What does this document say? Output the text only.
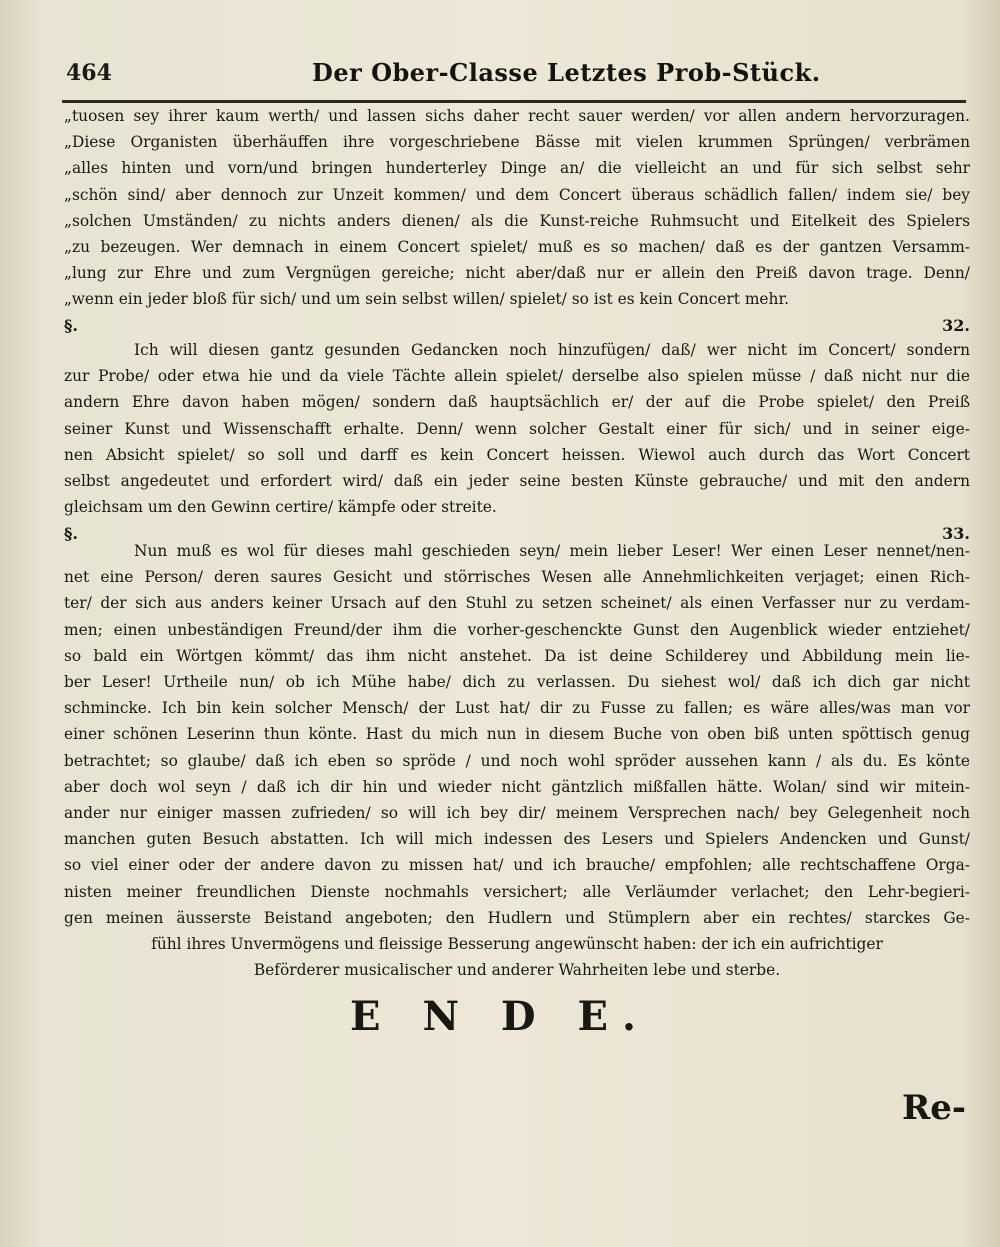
464	Der Ober-Classe Letztes Prob-Stück.
„tuosen sey ihrer kaum werth/ und lassen sichs daher recht sauer werden/ vor allen andern hervorzuragen.
„Diese Organisten überhäuffen ihre vorgeschriebene Bässe mit vielen krummen Sprüngen/ verbrämen
„alles hinten und vorn/und bringen hunderterley Dinge an/ die vielleicht an und für sich selbst sehr
„schön sind/ aber dennoch zur Unzeit kommen/ und dem Concert überaus schädlich fallen/ indem sie/ bey
„solchen Umständen/ zu nichts anders dienen/ als die Kunst-reiche Ruhmsucht und Eitelkeit des Spielers
„zu bezeugen. Wer demnach in einem Concert spielet/ muß es so machen/ daß es der gantzen Versamm-
„lung zur Ehre und zum Vergnügen gereiche; nicht aber/daß nur er allein den Preiß davon trage. Denn/
„wenn ein jeder bloß für sich/ und um sein selbst willen/ spielet/ so ist es kein Concert mehr.
§. 32.
Ich will diesen gantz gesunden Gedancken noch hinzufügen/ daß/ wer nicht im Concert/ sondern
zur Probe/ oder etwa hie und da viele Tächte allein spielet/ derselbe also spielen müsse / daß nicht nur die
andern Ehre davon haben mögen/ sondern daß hauptsächlich er/ der auf die Probe spielet/ den Preiß
seiner Kunst und Wissenschafft erhalte. Denn/ wenn solcher Gestalt einer für sich/ und in seiner eige-
nen Absicht spielet/ so soll und darff es kein Concert heissen. Wiewol auch durch das Wort Concert
selbst angedeutet und erfordert wird/ daß ein jeder seine besten Künste gebrauche/ und mit den andern
gleichsam um den Gewinn certire/ kämpfe oder streite.
§. 33.
Nun muß es wol für dieses mahl geschieden seyn/ mein lieber Leser! Wer einen Leser nennet/nen-
net eine Person/ deren saures Gesicht und störrisches Wesen alle Annehmlichkeiten verjaget; einen Rich-
ter/ der sich aus anders keiner Ursach auf den Stuhl zu setzen scheinet/ als einen Verfasser nur zu verdam-
men; einen unbeständigen Freund/der ihm die vorher-geschenckte Gunst den Augenblick wieder entziehet/
so bald ein Wörtgen kömmt/ das ihm nicht anstehet. Da ist deine Schilderey und Abbildung mein lie-
ber Leser! Urtheile nun/ ob ich Mühe habe/ dich zu verlassen. Du siehest wol/ daß ich dich gar nicht
schmincke. Ich bin kein solcher Mensch/ der Lust hat/ dir zu Fusse zu fallen; es wäre alles/was man vor
einer schönen Leserinn thun könte. Hast du mich nun in diesem Buche von oben biß unten spöttisch genug
betrachtet; so glaube/ daß ich eben so spröde / und noch wohl spröder aussehen kann / als du. Es könte
aber doch wol seyn / daß ich dir hin und wieder nicht gäntzlich mißfallen hätte. Wolan/ sind wir mitein-
ander nur einiger massen zufrieden/ so will ich bey dir/ meinem Versprechen nach/ bey Gelegenheit noch
manchen guten Besuch abstatten. Ich will mich indessen des Lesers und Spielers Andencken und Gunst/
so viel einer oder der andere davon zu missen hat/ und ich brauche/ empfohlen; alle rechtschaffene Orga-
nisten meiner freundlichen Dienste nochmahls versichert; alle Verläumder verlachet; den Lehr-begieri-
gen meinen äusserste Beistand angeboten; den Hudlern und Stümplern aber ein rechtes/ starckes Ge-
fühl ihres Unvermögens und fleissige Besserung angewünscht haben: der ich ein aufrichtiger
Beförderer musicalischer und anderer Wahrheiten lebe und sterbe.
E N D E.
Re-
